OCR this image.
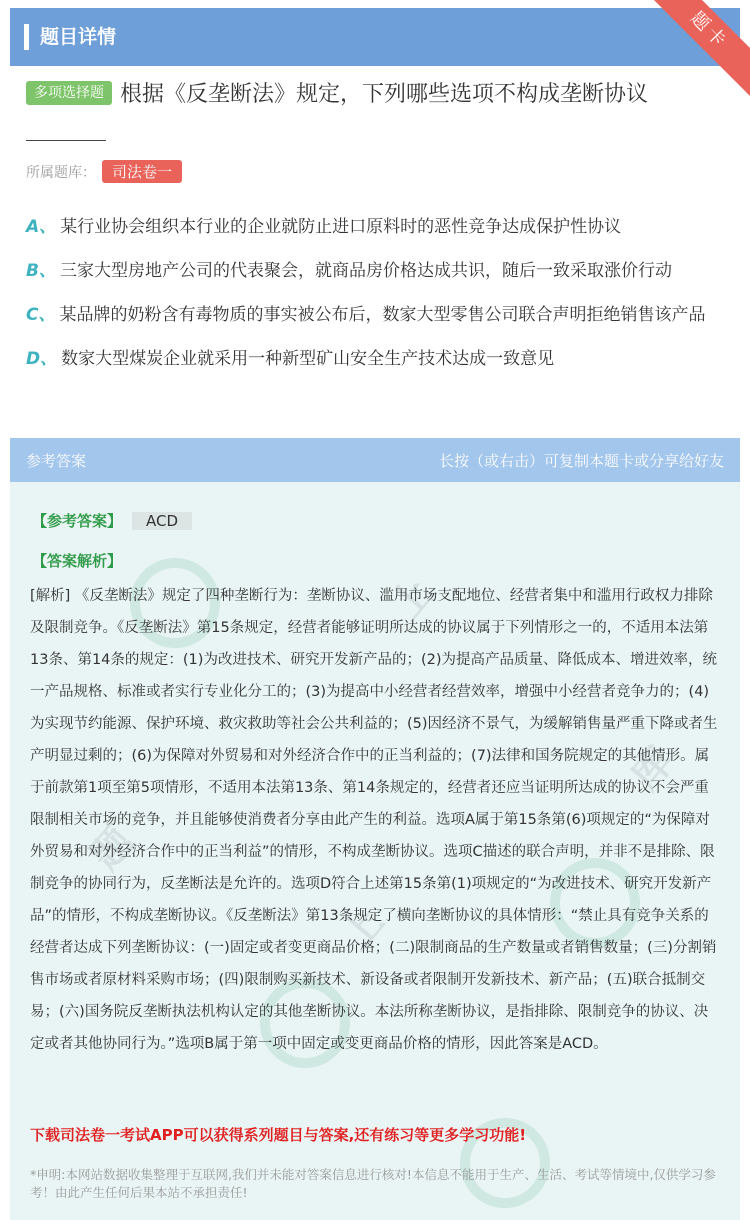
题目详情	题卡
多项选择题 根据《反垄断法》规定，下列哪些选项不构成垄断协议
所属题库： 司法卷一
A、 某行业协会组织本行业的企业就防止进口原料时的恶性竞争达成保护性协议
B、 三家大型房地产公司的代表聚会，就商品房价格达成共识，随后一致采取涨价行动
C、 某品牌的奶粉含有毒物质的事实被公布后，数家大型零售公司联合声明拒绝销售该产品
D、 数家大型煤炭企业就采用一种新型矿山安全生产技术达成一致意见
上
题
库
上
参考答案	长按（或右击）可复制本题卡或分享给好友
【参考答案】 ACD
【答案解析】
[解析] 《反垄断法》规定了四种垄断行为：垄断协议、滥用市场支配地位、经营者集中和滥用行政权力排除及限制竞争。《反垄断法》第15条规定，经营者能够证明所达成的协议属于下列情形之一的，不适用本法第13条、第14条的规定：(1)为改进技术、研究开发新产品的；(2)为提高产品质量、降低成本、增进效率，统一产品规格、标准或者实行专业化分工的；(3)为提高中小经营者经营效率，增强中小经营者竞争力的；(4)为实现节约能源、保护环境、救灾救助等社会公共利益的；(5)因经济不景气，为缓解销售量严重下降或者生产明显过剩的；(6)为保障对外贸易和对外经济合作中的正当利益的；(7)法律和国务院规定的其他情形。属于前款第1项至第5项情形，不适用本法第13条、第14条规定的，经营者还应当证明所达成的协议不会严重限制相关市场的竞争，并且能够使消费者分享由此产生的利益。选项A属于第15条第(6)项规定的“为保障对外贸易和对外经济合作中的正当利益”的情形，不构成垄断协议。选项C描述的联合声明，并非不是排除、限制竞争的协同行为，反垄断法是允许的。选项D符合上述第15条第(1)项规定的“为改进技术、研究开发新产品”的情形，不构成垄断协议。《反垄断法》第13条规定了横向垄断协议的具体情形：“禁止具有竞争关系的经营者达成下列垄断协议：(一)固定或者变更商品价格；(二)限制商品的生产数量或者销售数量；(三)分割销售市场或者原材料采购市场；(四)限制购买新技术、新设备或者限制开发新技术、新产品；(五)联合抵制交易；(六)国务院反垄断执法机构认定的其他垄断协议。本法所称垄断协议，是指排除、限制竞争的协议、决定或者其他协同行为。”选项B属于第一项中固定或变更商品价格的情形，因此答案是ACD。
下载司法卷一考试APP可以获得系列题目与答案,还有练习等更多学习功能!
*申明:本网站数据收集整理于互联网,我们并未能对答案信息进行核对!本信息不能用于生产、生活、考试等情境中,仅供学习参考！由此产生任何后果本站不承担责任!
